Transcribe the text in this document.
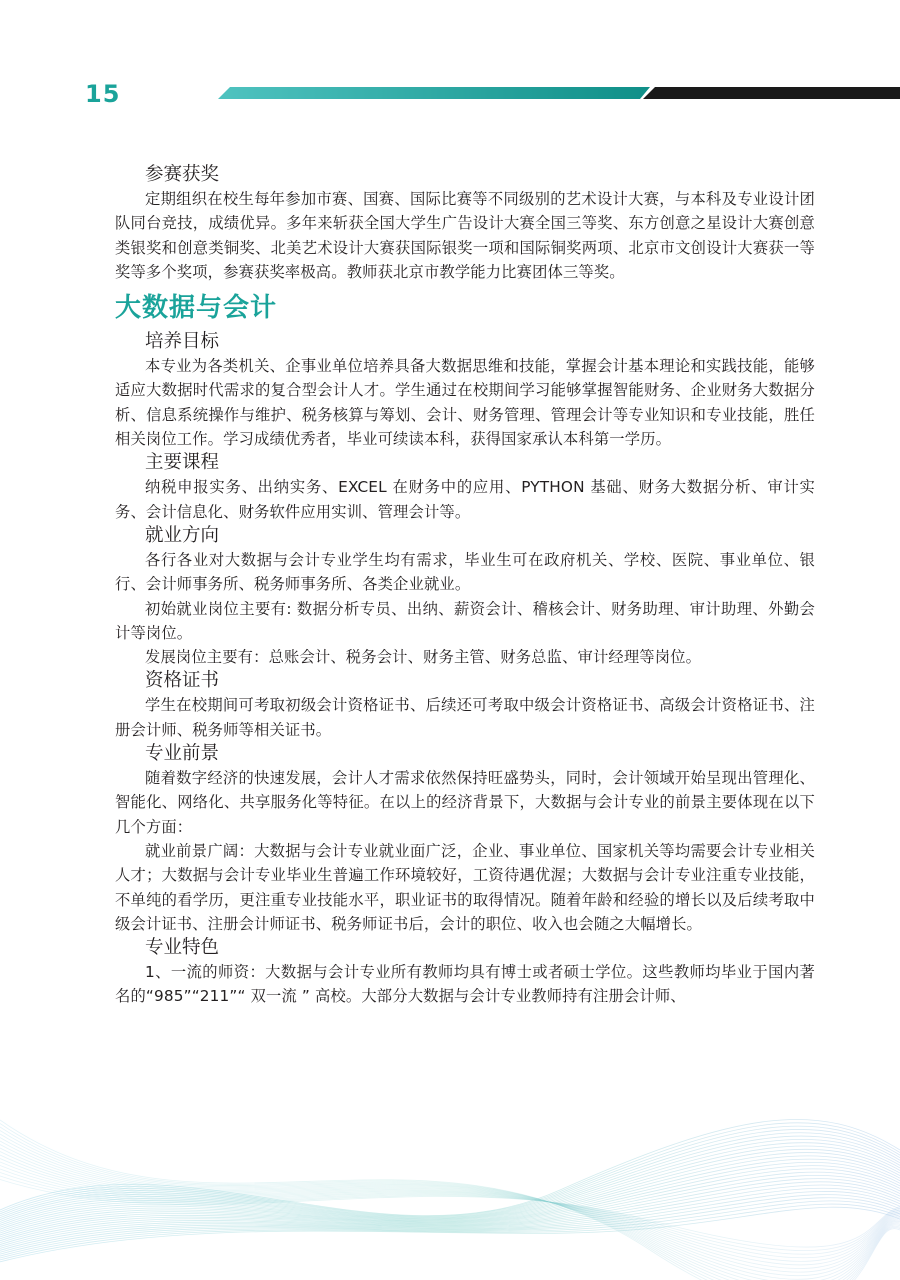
15
参赛获奖

定期组织在校生每年参加市赛、国赛、国际比赛等不同级别的艺术设计大赛，与本科及专业设计团队同台竞技，成绩优异。多年来斩获全国大学生广告设计大赛全国三等奖、东方创意之星设计大赛创意类银奖和创意类铜奖、北美艺术设计大赛获国际银奖一项和国际铜奖两项、北京市文创设计大赛获一等奖等多个奖项，参赛获奖率极高。教师获北京市教学能力比赛团体三等奖。

大数据与会计
培养目标

本专业为各类机关、企事业单位培养具备大数据思维和技能，掌握会计基本理论和实践技能，能够适应大数据时代需求的复合型会计人才。学生通过在校期间学习能够掌握智能财务、企业财务大数据分析、信息系统操作与维护、税务核算与筹划、会计、财务管理、管理会计等专业知识和专业技能，胜任相关岗位工作。学习成绩优秀者，毕业可续读本科，获得国家承认本科第一学历。

主要课程

纳税申报实务、出纳实务、EXCEL 在财务中的应用、PYTHON 基础、财务大数据分析、审计实务、会计信息化、财务软件应用实训、管理会计等。

就业方向

各行各业对大数据与会计专业学生均有需求，毕业生可在政府机关、学校、医院、事业单位、银行、会计师事务所、税务师事务所、各类企业就业。

初始就业岗位主要有: 数据分析专员、出纳、薪资会计、稽核会计、财务助理、审计助理、外勤会计等岗位。

发展岗位主要有：总账会计、税务会计、财务主管、财务总监、审计经理等岗位。

资格证书

学生在校期间可考取初级会计资格证书、后续还可考取中级会计资格证书、高级会计资格证书、注册会计师、税务师等相关证书。

专业前景

随着数字经济的快速发展，会计人才需求依然保持旺盛势头，同时，会计领域开始呈现出管理化、智能化、网络化、共享服务化等特征。在以上的经济背景下，大数据与会计专业的前景主要体现在以下几个方面：

就业前景广阔：大数据与会计专业就业面广泛，企业、事业单位、国家机关等均需要会计专业相关人才；大数据与会计专业毕业生普遍工作环境较好，工资待遇优渥；大数据与会计专业注重专业技能，不单纯的看学历，更注重专业技能水平，职业证书的取得情况。随着年龄和经验的增长以及后续考取中级会计证书、注册会计师证书、税务师证书后，会计的职位、收入也会随之大幅增长。

专业特色

1、一流的师资：大数据与会计专业所有教师均具有博士或者硕士学位。这些教师均毕业于国内著名的“985”“211”“ 双一流 ” 高校。大部分大数据与会计专业教师持有注册会计师、
